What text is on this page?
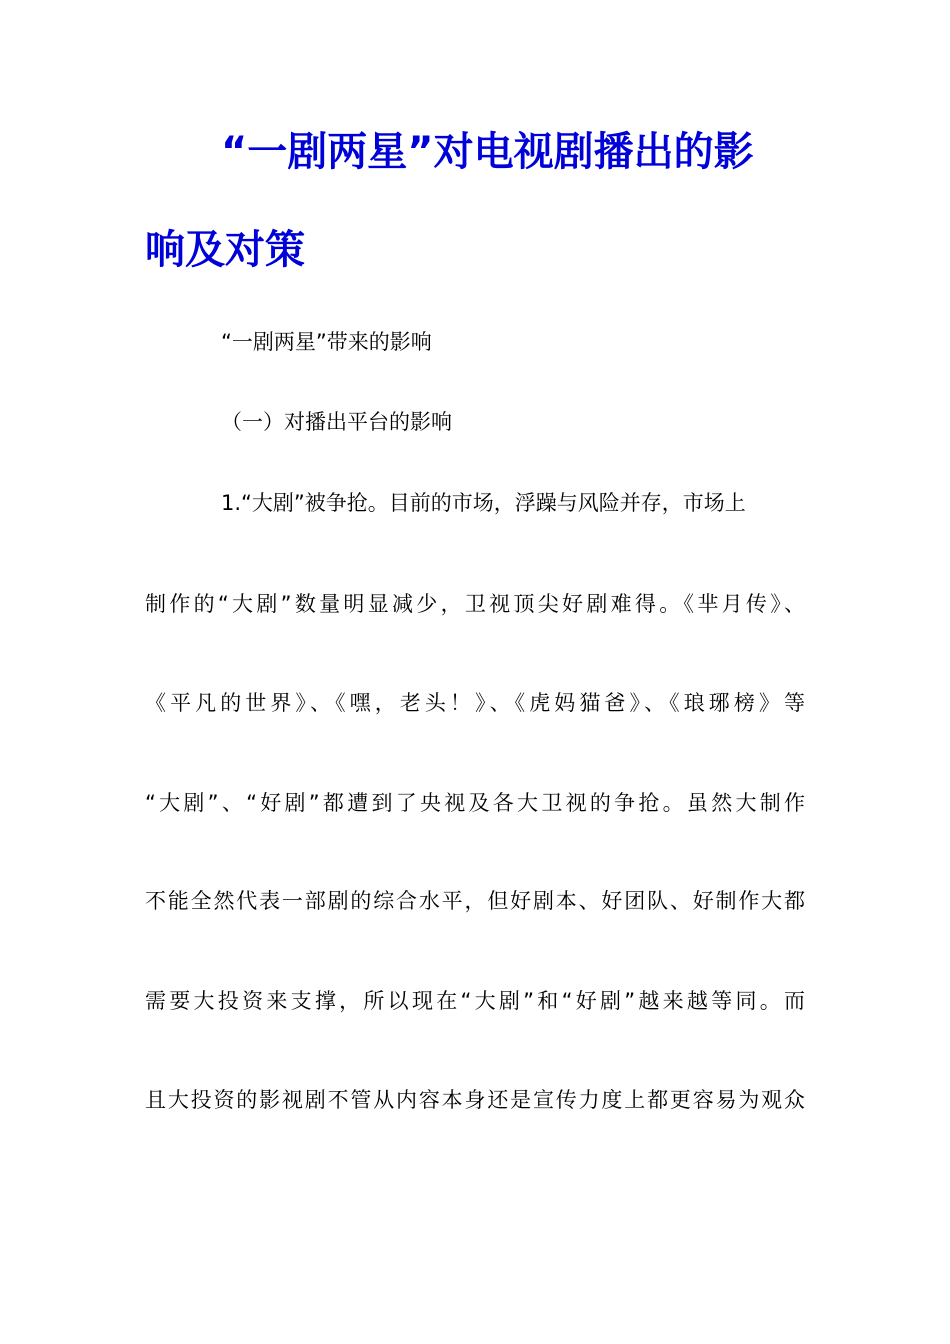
“一剧两星”对电视剧播出的影
响及对策
“一剧两星”带来的影响
（一）对播出平台的影响
1.“大剧”被争抢。目前的市场，浮躁与风险并存，市场上
制作的“大剧”数量明显减少，卫视顶尖好剧难得。《芈月传》、
《平凡的世界》、《嘿，老头！》、《虎妈猫爸》、《琅琊榜》等
“大剧”、“好剧”都遭到了央视及各大卫视的争抢。虽然大制作
不能全然代表一部剧的综合水平，但好剧本、好团队、好制作大都
需要大投资来支撑，所以现在“大剧”和“好剧”越来越等同。而
且大投资的影视剧不管从内容本身还是宣传力度上都更容易为观众
